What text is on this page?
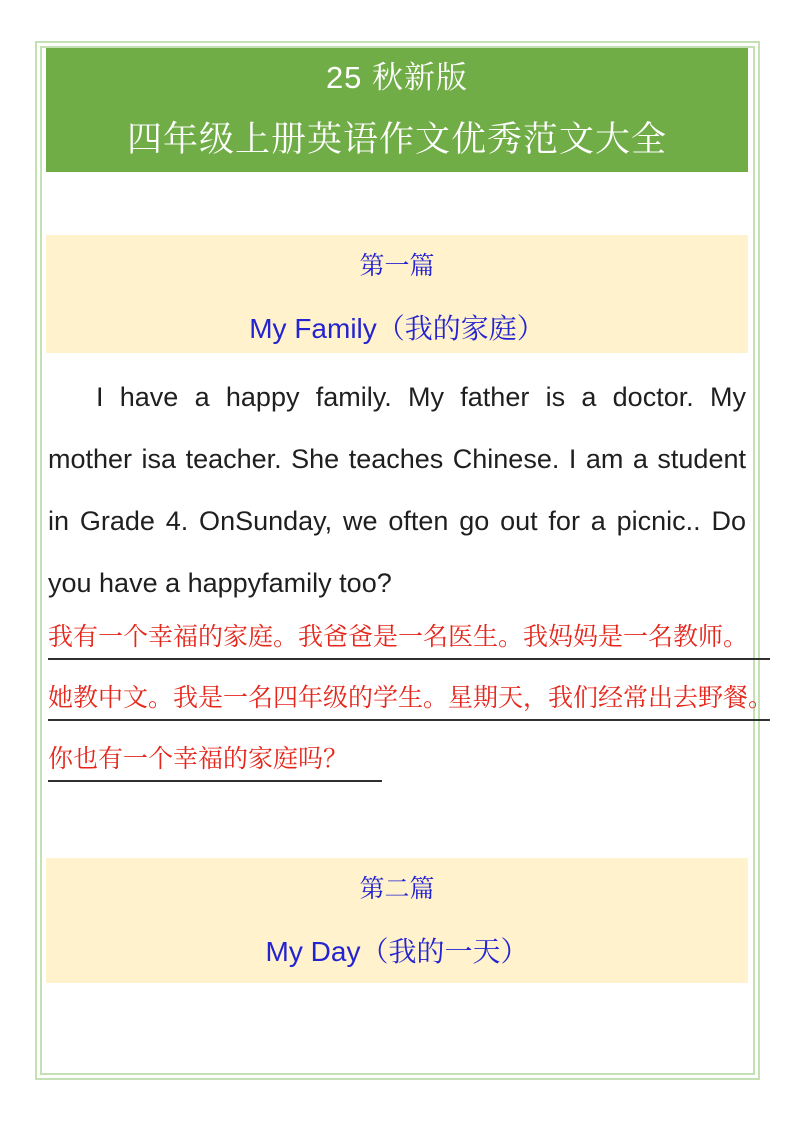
25 秋新版
四年级上册英语作文优秀范文大全
第一篇
My Family（我的家庭）
I have a happy family. My father is a doctor. My mother isa teacher. She teaches Chinese. I am a student in Grade 4. OnSunday, we often go out for a picnic.. Do you have a happyfamily too?
我有一个幸福的家庭。我爸爸是一名医生。我妈妈是一名教师。
她教中文。我是一名四年级的学生。星期天，我们经常出去野餐。
你也有一个幸福的家庭吗？
第二篇
My Day（我的一天）
